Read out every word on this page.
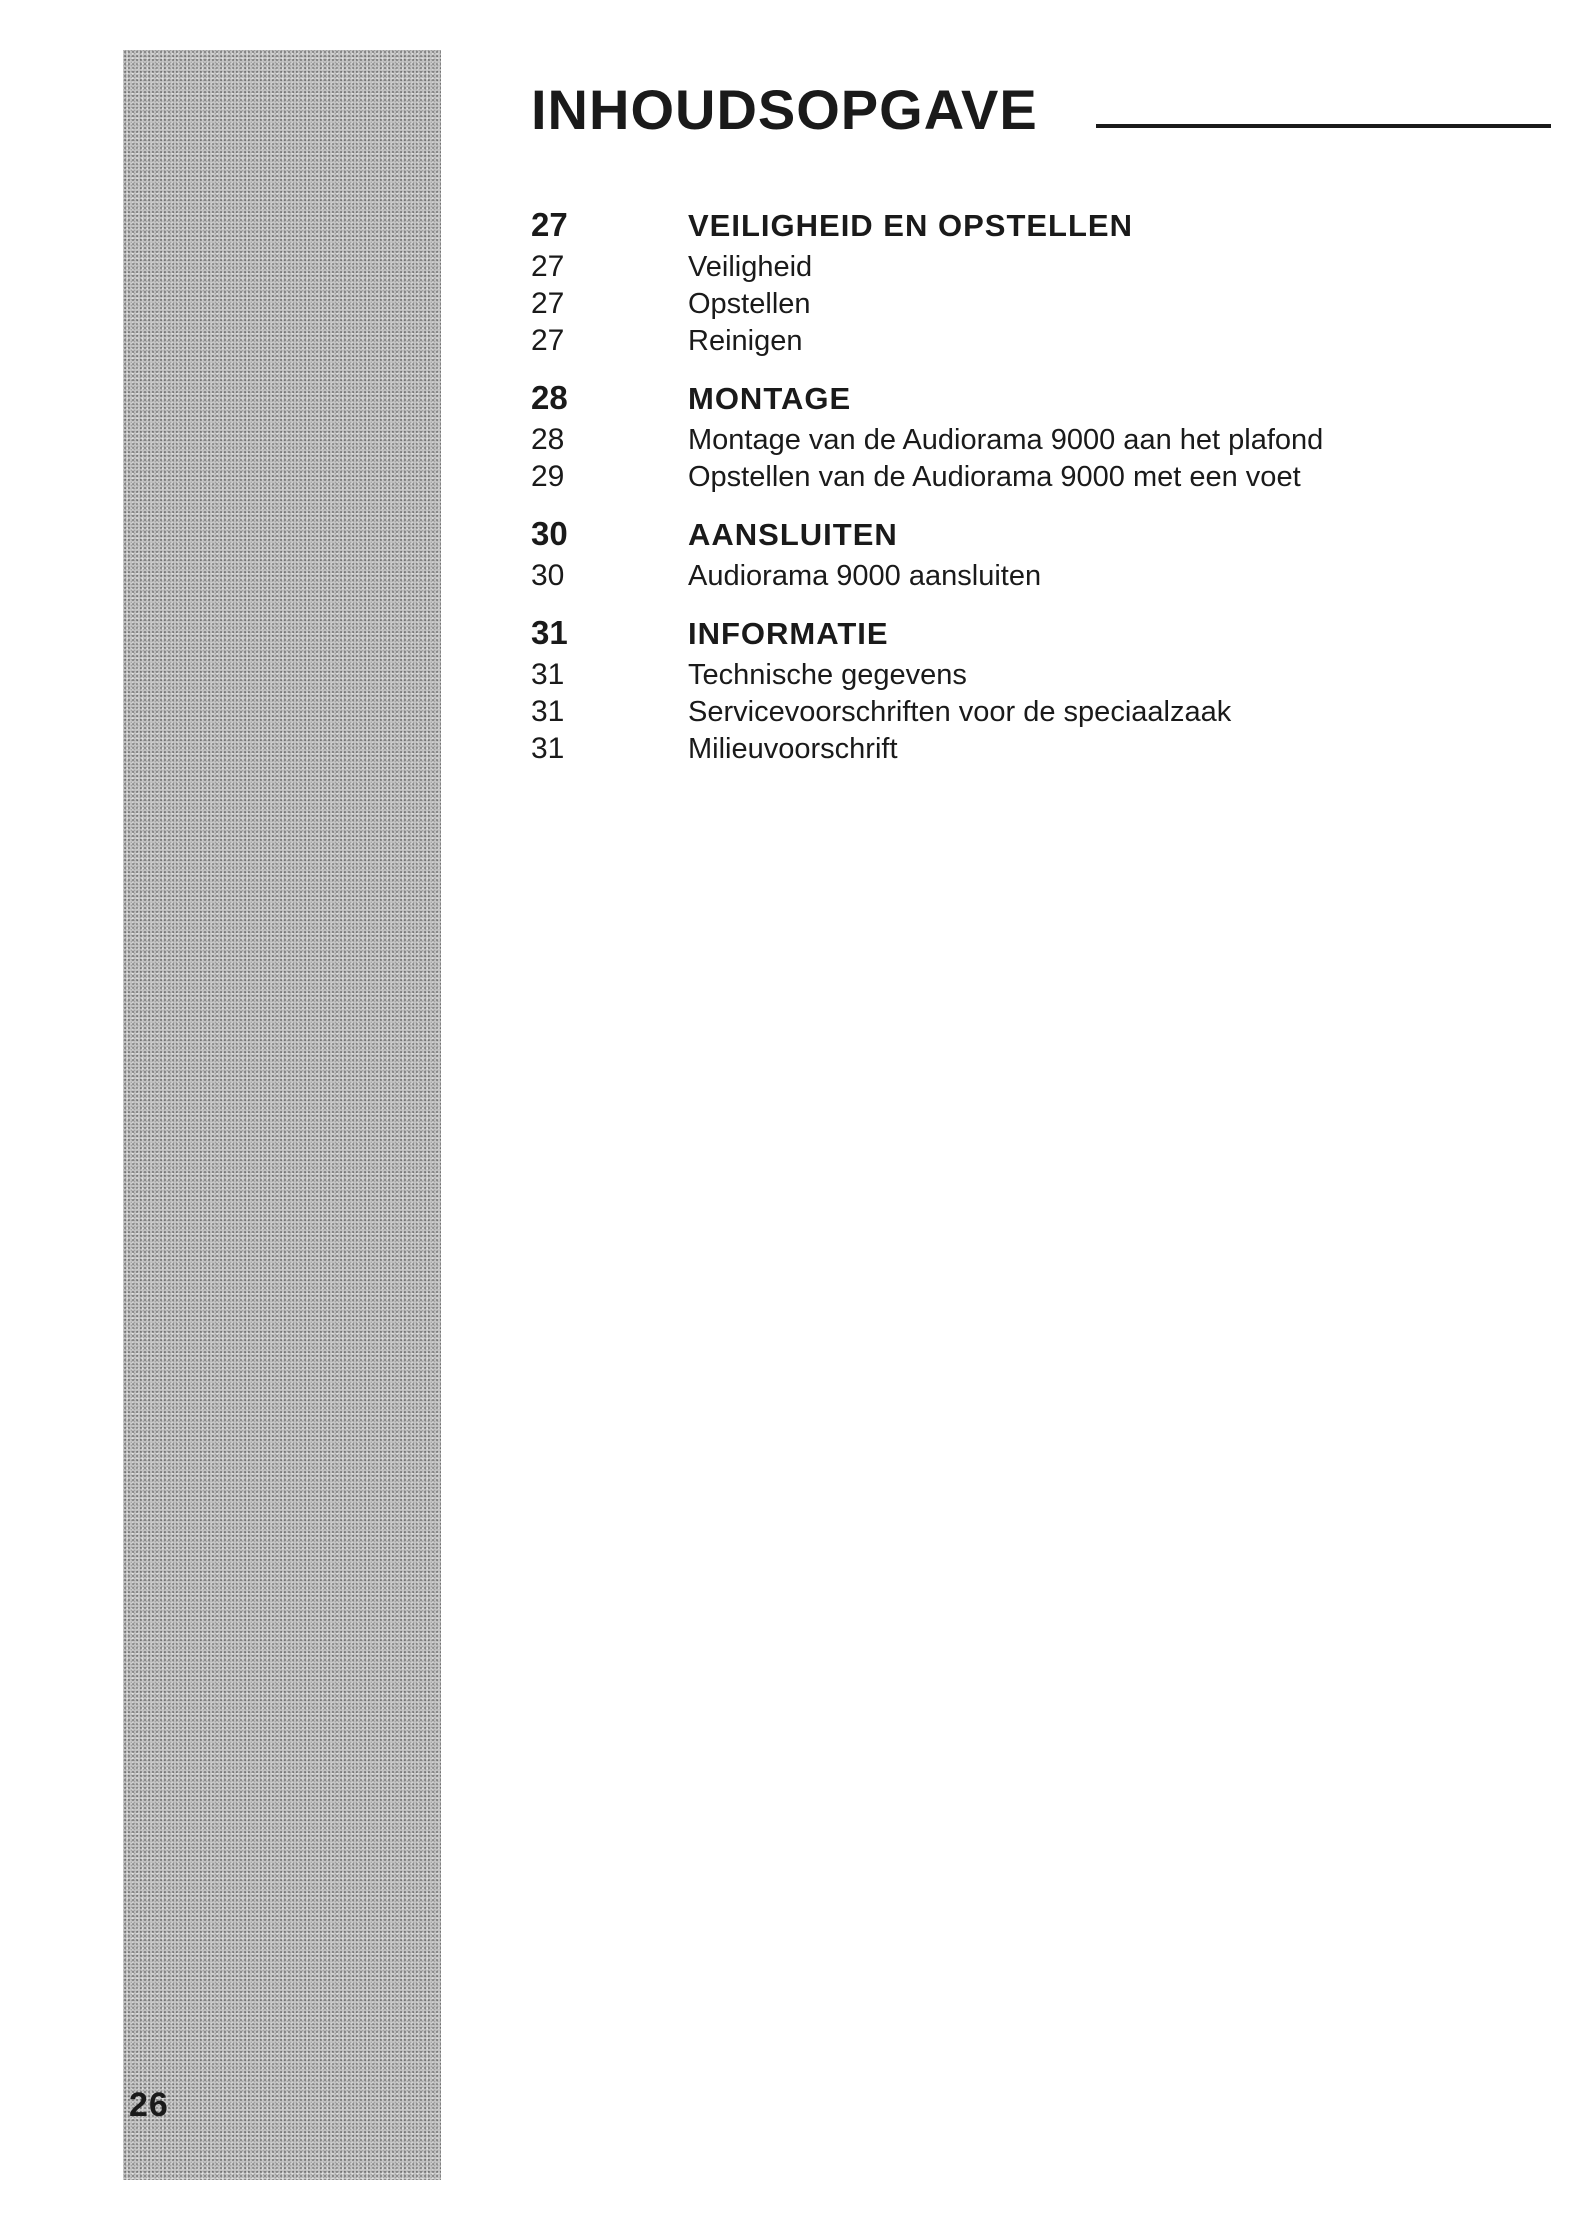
26
INHOUDSOPGAVE
27	VEILIGHEID EN OPSTELLEN
27	Veiligheid
27	Opstellen
27	Reinigen
28	MONTAGE
28	Montage van de Audiorama 9000 aan het plafond
29	Opstellen van de Audiorama 9000 met een voet
30	AANSLUITEN
30	Audiorama 9000 aansluiten
31	INFORMATIE
31	Technische gegevens
31	Servicevoorschriften voor de speciaalzaak
31	Milieuvoorschrift
